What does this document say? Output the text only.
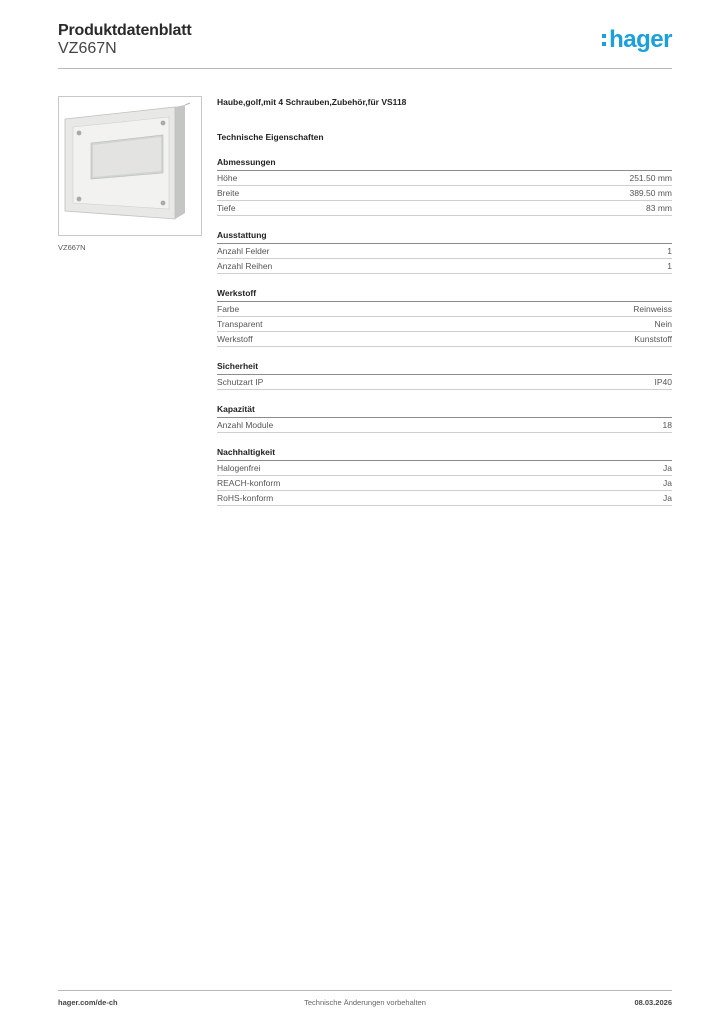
Produktdatenblatt
VZ667N	hager
VZ667N
Haube,golf,mit 4 Schrauben,Zubehör,für VS118
Technische Eigenschaften
Abmessungen
Höhe	251.50 mm
Breite	389.50 mm
Tiefe	83 mm
Ausstattung
Anzahl Felder	1
Anzahl Reihen	1
Werkstoff
Farbe	Reinweiss
Transparent	Nein
Werkstoff	Kunststoff
Sicherheit
Schutzart IP	IP40
Kapazität
Anzahl Module	18
Nachhaltigkeit
Halogenfrei	Ja
REACH-konform	Ja
RoHS-konform	Ja
hager.com/de-ch	Technische Änderungen vorbehalten	08.03.2026
